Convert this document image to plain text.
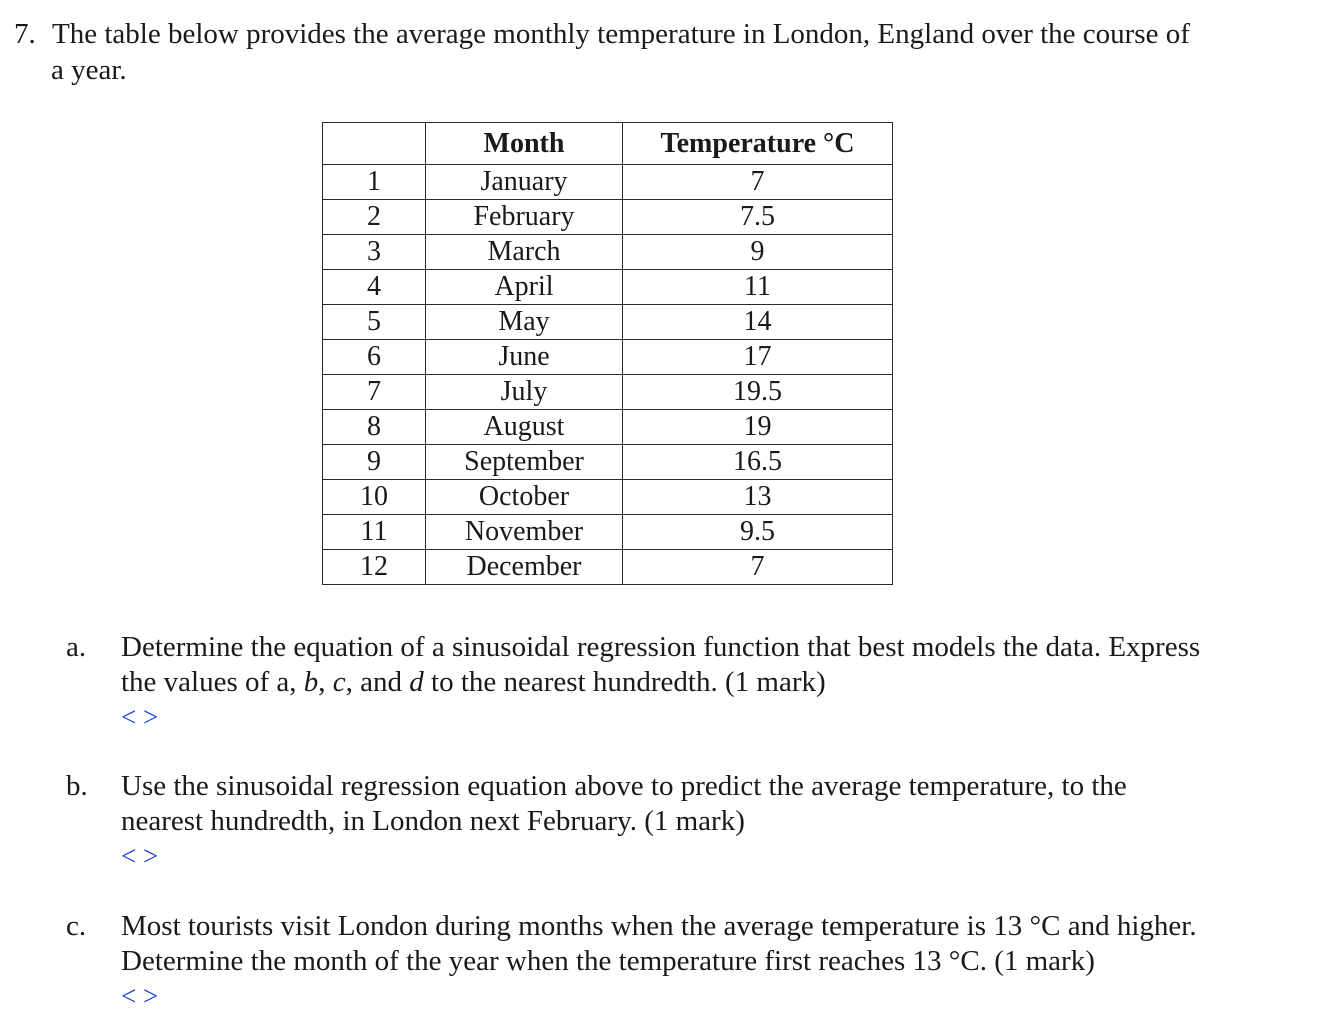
7. The table below provides the average monthly temperature in London, England over the course of
a year.
	Month	Temperature °C
1	January	7
2	February	7.5
3	March	9
4	April	11
5	May	14
6	June	17
7	July	19.5
8	August	19
9	September	16.5
10	October	13
11	November	9.5
12	December	7
a. Determine the equation of a sinusoidal regression function that best models the data. Express
the values of a, b, c, and d to the nearest hundredth. (1 mark)
< >
b. Use the sinusoidal regression equation above to predict the average temperature, to the
nearest hundredth, in London next February. (1 mark)
< >
c. Most tourists visit London during months when the average temperature is 13 °C and higher.
Determine the month of the year when the temperature first reaches 13 °C. (1 mark)
< >
